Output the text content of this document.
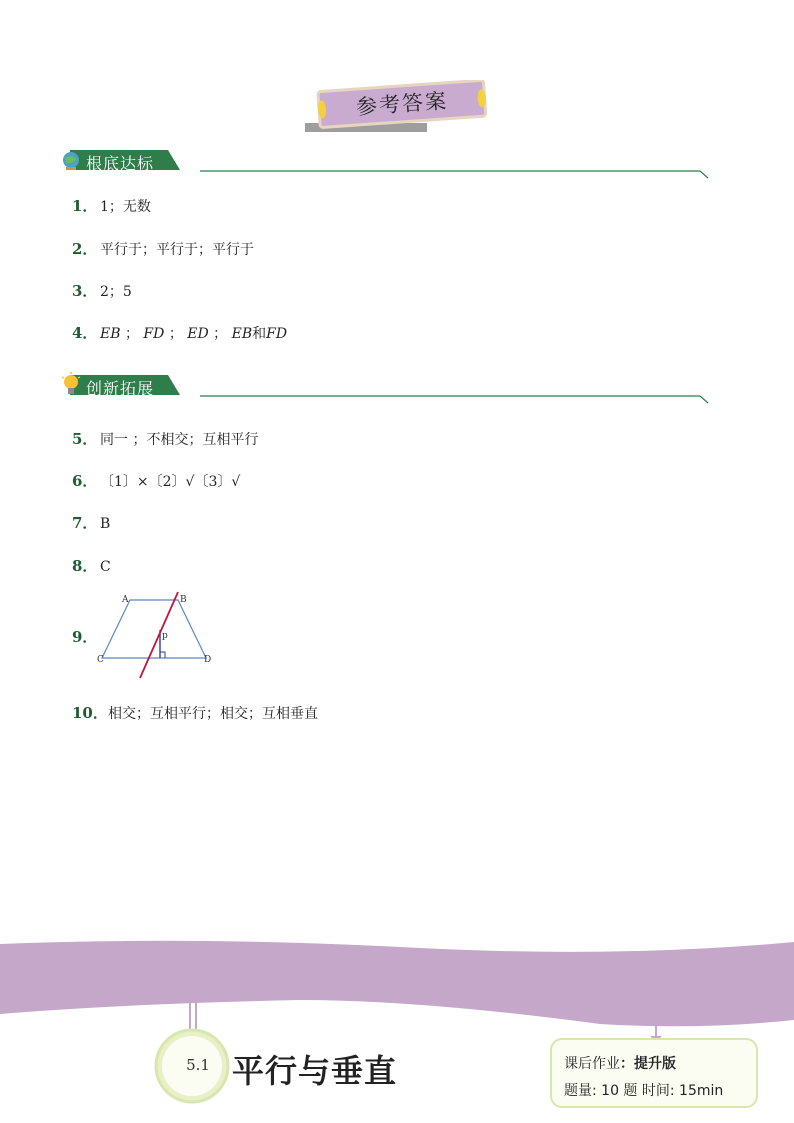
参考答案
根底达标
1． 1；无数
2． 平行于；平行于；平行于
3． 2；5
4． EB ； FD ； ED ； EB和FD
创新拓展
5． 同一 ；不相交；互相平行
6． 〔1〕×〔2〕√〔3〕√
7． B
8． C
9．
A	B
C	D
p
10． 相交；互相平行；相交；互相垂直
5.1 平行与垂直	课后作业：提升版
题量: 10 题 时间: 15min
